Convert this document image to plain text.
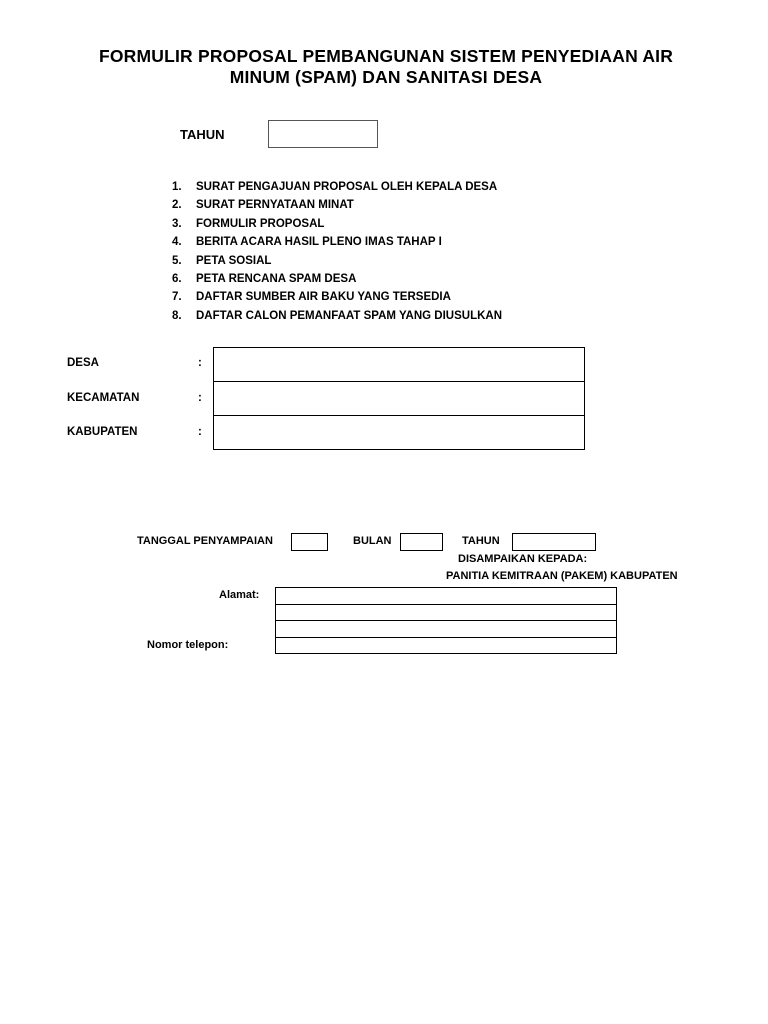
FORMULIR PROPOSAL PEMBANGUNAN SISTEM PENYEDIAAN AIR
MINUM (SPAM) DAN SANITASI DESA
TAHUN
1. SURAT PENGAJUAN PROPOSAL OLEH KEPALA DESA
2. SURAT PERNYATAAN MINAT
3. FORMULIR PROPOSAL
4. BERITA ACARA HASIL PLENO IMAS TAHAP I
5. PETA SOSIAL
6. PETA RENCANA SPAM DESA
7. DAFTAR SUMBER AIR BAKU YANG TERSEDIA
8. DAFTAR CALON PEMANFAAT SPAM YANG DIUSULKAN
DESA	:
KECAMATAN	:
KABUPATEN	:

TANGGAL PENYAMPAIAN	BULAN	TAHUN
DISAMPAIKAN KEPADA:
PANITIA KEMITRAAN (PAKEM) KABUPATEN
Alamat:
Nomor telepon:
